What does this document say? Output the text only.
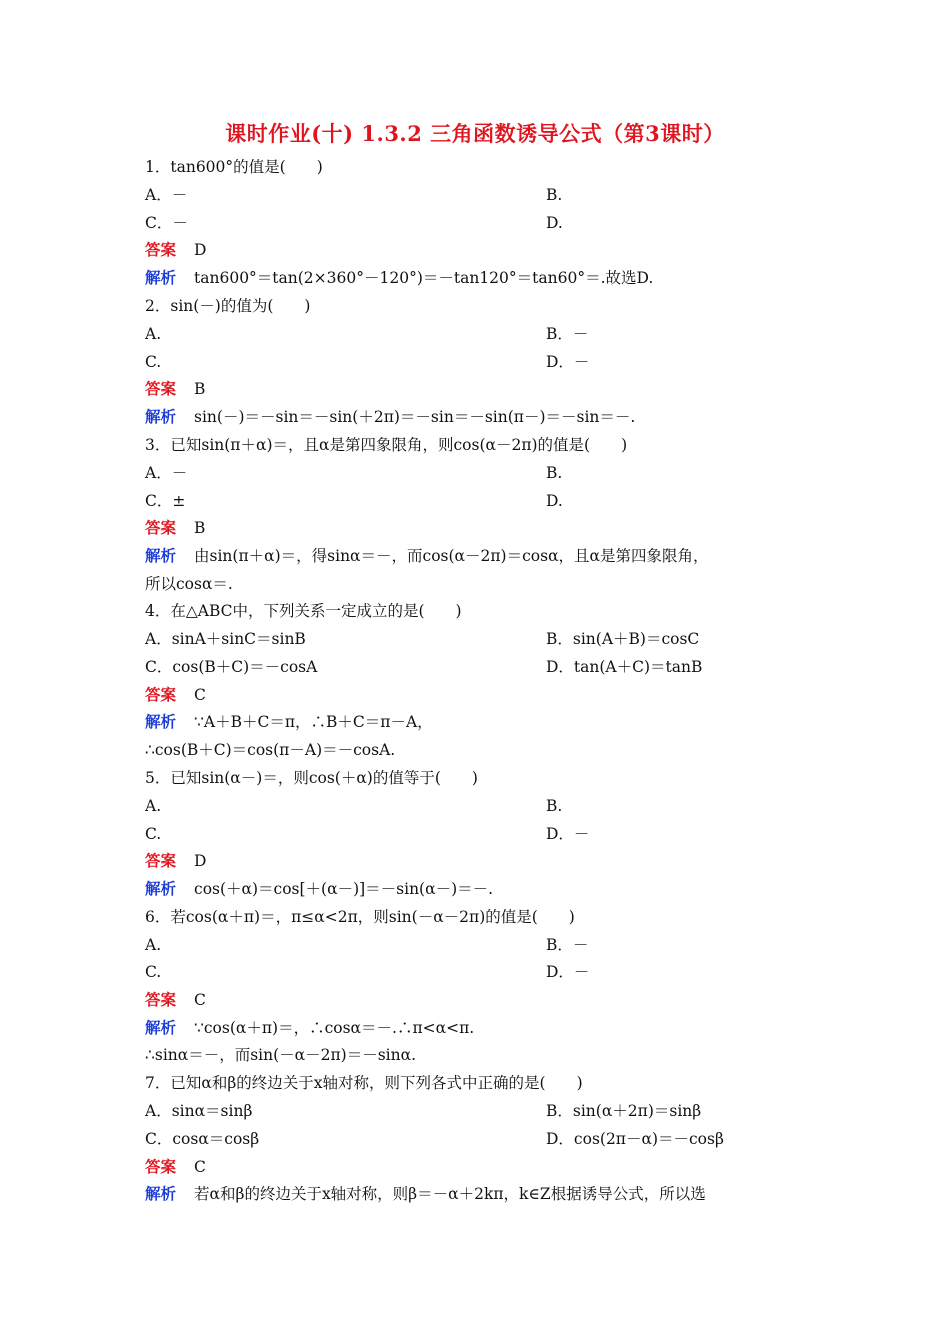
课时作业(十) 1.3.2 三角函数诱导公式（第3课时）
1．tan600°的值是(　　)
A．－	B.
C．－	D.
答案 D
解析 tan600°＝tan(2×360°－120°)＝－tan120°＝tan60°＝.故选D.
2．sin(－)的值为(　　)
A.	B．－
C.	D．－
答案 B
解析 sin(－)＝－sin＝－sin(＋2π)＝－sin＝－sin(π－)＝－sin＝－.
3．已知sin(π＋α)＝，且α是第四象限角，则cos(α－2π)的值是(　　)
A．－	B.
C．±	D.
答案 B
解析 由sin(π＋α)＝，得sinα＝－，而cos(α－2π)＝cosα，且α是第四象限角，
所以cosα＝.
4．在△ABC中，下列关系一定成立的是(　　)
A．sinA＋sinC＝sinB	B．sin(A＋B)＝cosC
C．cos(B＋C)＝－cosA	D．tan(A＋C)＝tanB
答案 C
解析 ∵A＋B＋C＝π，∴B＋C＝π－A，
∴cos(B＋C)＝cos(π－A)＝－cosA.
5．已知sin(α－)＝，则cos(＋α)的值等于(　　)
A.	B.
C.	D．－
答案 D
解析 cos(＋α)＝cos[＋(α－)]＝－sin(α－)＝－.
6．若cos(α＋π)＝，π≤α<2π，则sin(－α－2π)的值是(　　)
A.	B．－
C.	D．－
答案 C
解析 ∵cos(α＋π)＝，∴cosα＝－.∴π<α<π.
∴sinα＝－，而sin(－α－2π)＝－sinα.
7．已知α和β的终边关于x轴对称，则下列各式中正确的是(　　)
A．sinα＝sinβ	B．sin(α＋2π)＝sinβ
C．cosα＝cosβ	D．cos(2π－α)＝－cosβ
答案 C
解析 若α和β的终边关于x轴对称，则β＝－α＋2kπ，k∈Z根据诱导公式，所以选
